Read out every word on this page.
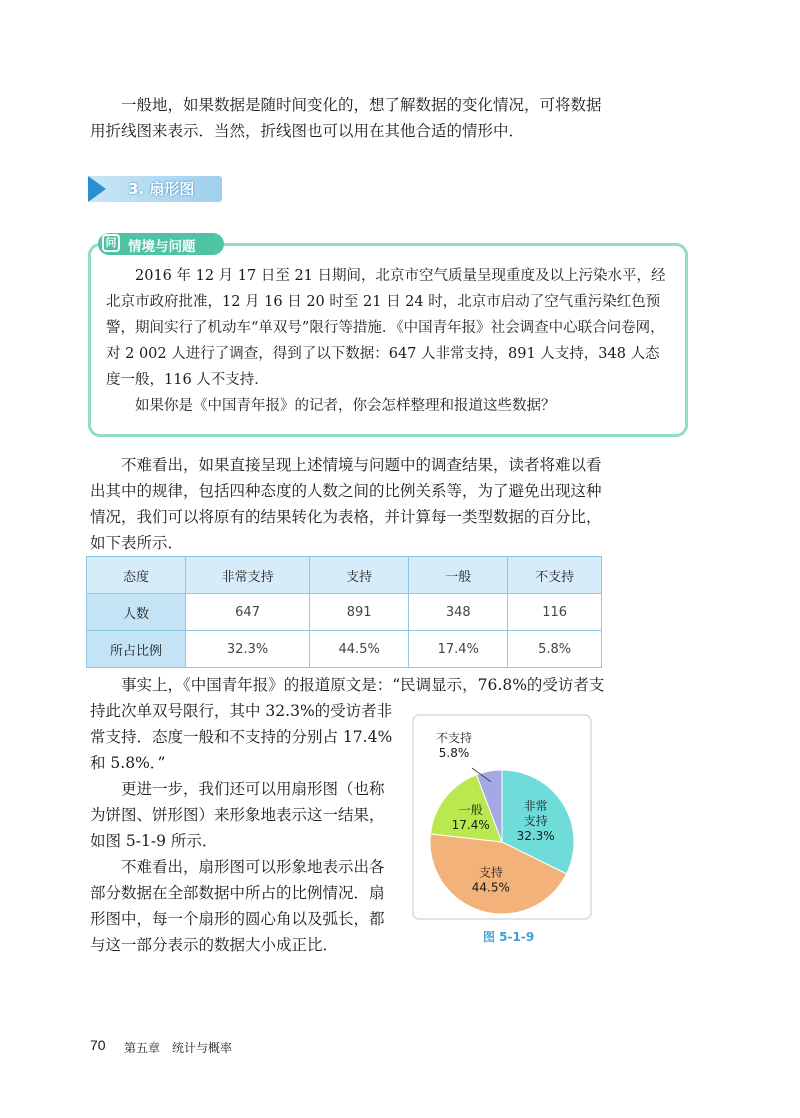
一般地，如果数据是随时间变化的，想了解数据的变化情况，可将数据用折线图来表示．当然，折线图也可以用在其他合适的情形中．

3. 扇形图
问 情境与问题

2016 年 12 月 17 日至 21 日期间，北京市空气质量呈现重度及以上污染水平，经北京市政府批准，12 月 16 日 20 时至 21 日 24 时，北京市启动了空气重污染红色预警，期间实行了机动车“单双号”限行等措施．《中国青年报》社会调查中心联合问卷网，对 2 002 人进行了调查，得到了以下数据：647 人非常支持，891 人支持，348 人态度一般，116 人不支持．

如果你是《中国青年报》的记者，你会怎样整理和报道这些数据？

不难看出，如果直接呈现上述情境与问题中的调查结果，读者将难以看出其中的规律，包括四种态度的人数之间的比例关系等，为了避免出现这种情况，我们可以将原有的结果转化为表格，并计算每一类型数据的百分比，如下表所示．

态度	非常支持	支持	一般	不支持
人数	647	891	348	116
所占比例	32.3%	44.5%	17.4%	5.8%

事实上，《中国青年报》的报道原文是：“民调显示，76.8%的受访者支

持此次单双号限行，其中 32.3%的受访者非常支持．态度一般和不支持的分别占 17.4%和 5.8%．”

更进一步，我们还可以用扇形图（也称为饼图、饼形图）来形象地表示这一结果，如图 5-1-9 所示．

不难看出，扇形图可以形象地表示出各部分数据在全部数据中所占的比例情况．扇形图中，每一个扇形的圆心角以及弧长，都与这一部分表示的数据大小成正比．

非常
支持
32.3%
支持
44.5%
一般
17.4%
不支持
5.8%
图 5-1-9
70 第五章　统计与概率
